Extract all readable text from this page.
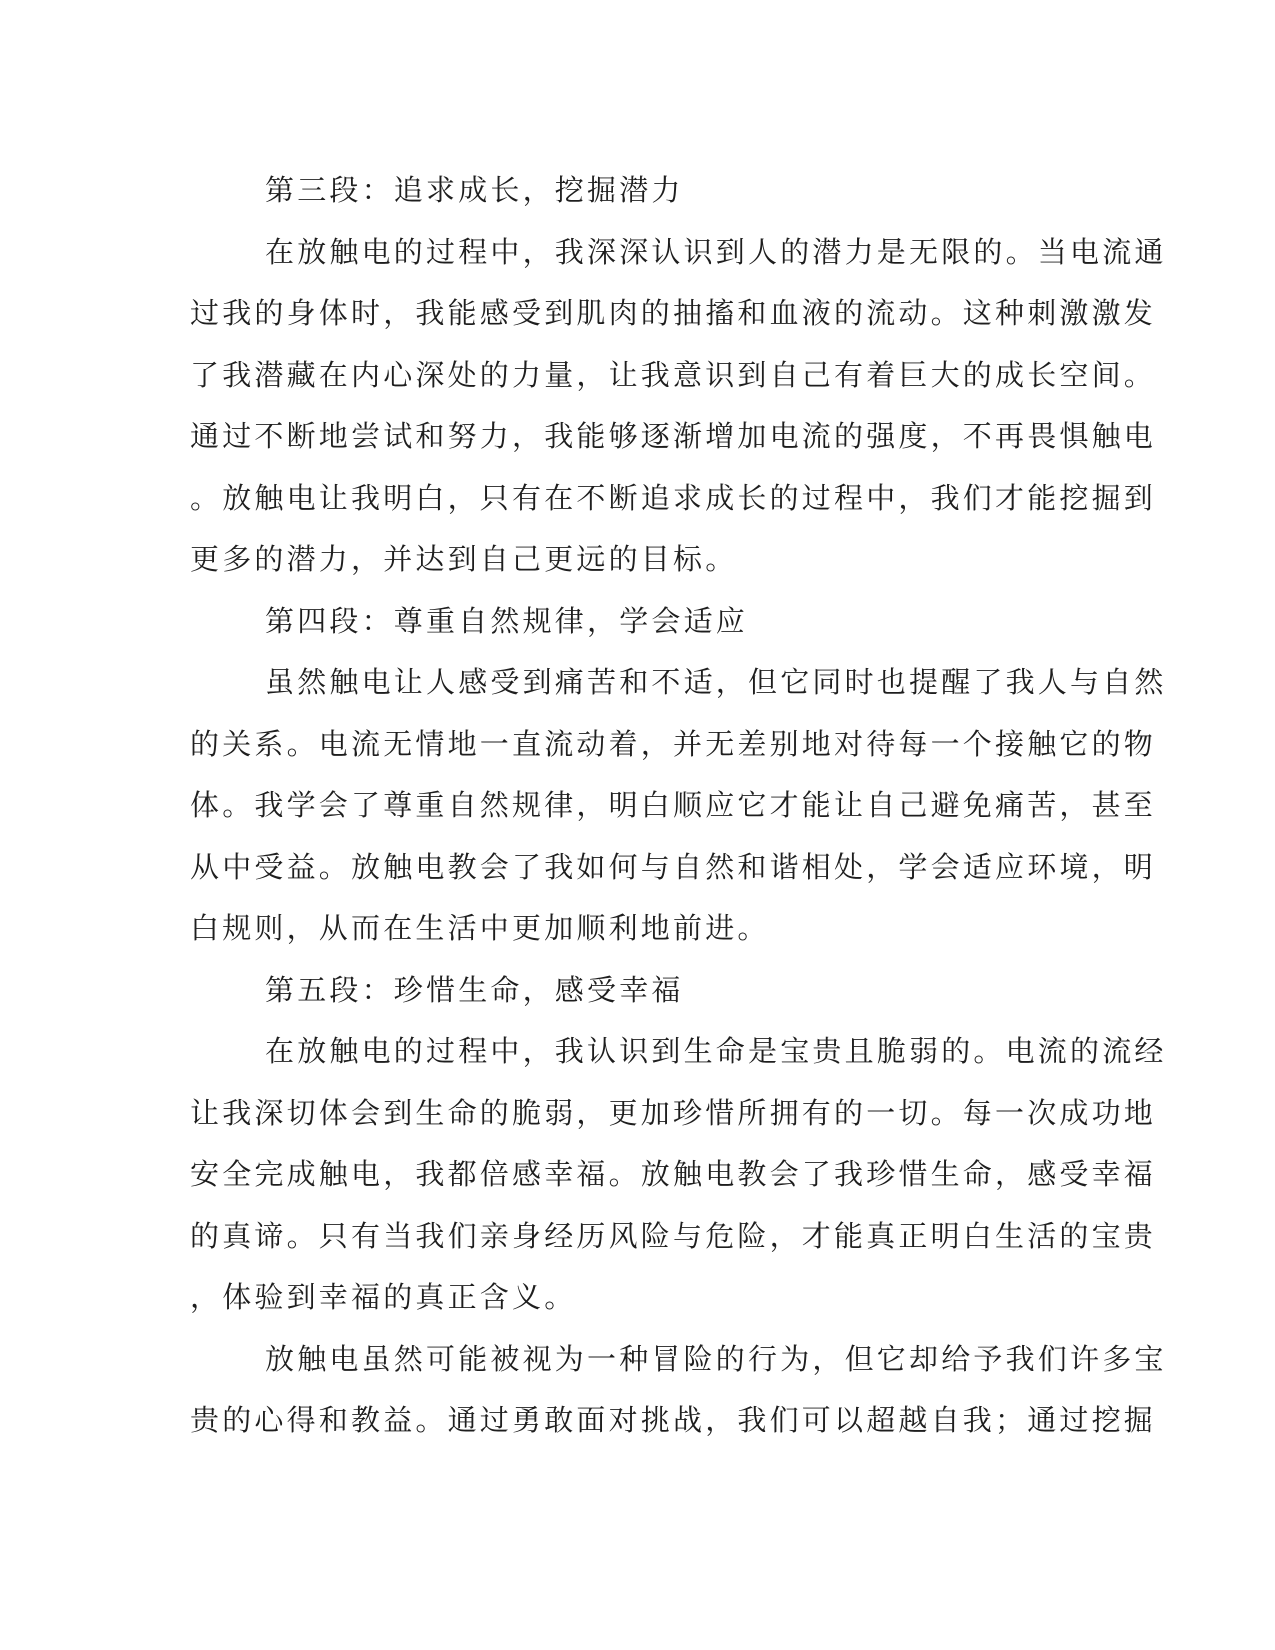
第三段：追求成长，挖掘潜力
在放触电的过程中，我深深认识到人的潜力是无限的。当电流通
过我的身体时，我能感受到肌肉的抽搐和血液的流动。这种刺激激发
了我潜藏在内心深处的力量，让我意识到自己有着巨大的成长空间。
通过不断地尝试和努力，我能够逐渐增加电流的强度，不再畏惧触电
。放触电让我明白，只有在不断追求成长的过程中，我们才能挖掘到
更多的潜力，并达到自己更远的目标。
第四段：尊重自然规律，学会适应
虽然触电让人感受到痛苦和不适，但它同时也提醒了我人与自然
的关系。电流无情地一直流动着，并无差别地对待每一个接触它的物
体。我学会了尊重自然规律，明白顺应它才能让自己避免痛苦，甚至
从中受益。放触电教会了我如何与自然和谐相处，学会适应环境，明
白规则，从而在生活中更加顺利地前进。
第五段：珍惜生命，感受幸福
在放触电的过程中，我认识到生命是宝贵且脆弱的。电流的流经
让我深切体会到生命的脆弱，更加珍惜所拥有的一切。每一次成功地
安全完成触电，我都倍感幸福。放触电教会了我珍惜生命，感受幸福
的真谛。只有当我们亲身经历风险与危险，才能真正明白生活的宝贵
，体验到幸福的真正含义。
放触电虽然可能被视为一种冒险的行为，但它却给予我们许多宝
贵的心得和教益。通过勇敢面对挑战，我们可以超越自我；通过挖掘
